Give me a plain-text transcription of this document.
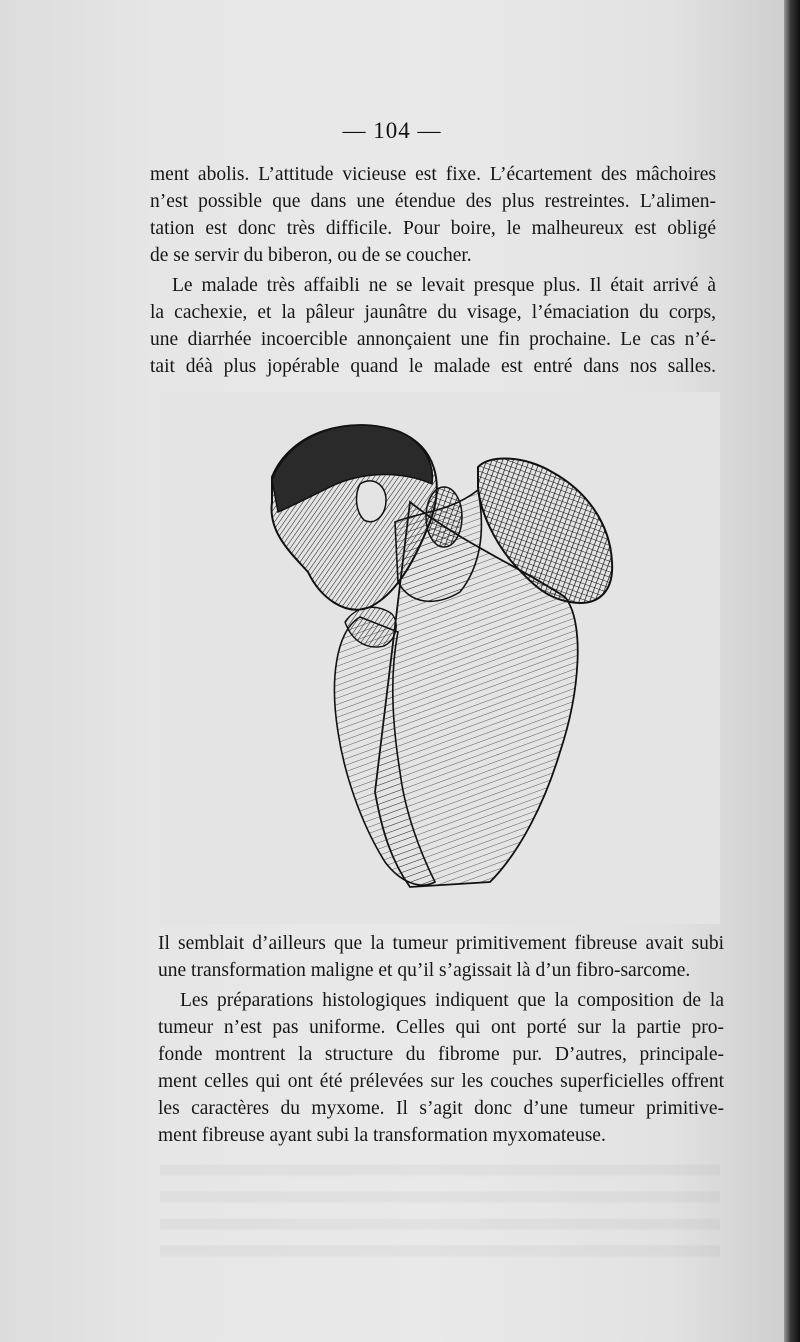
— 104 —

ment abolis. L’attitude vicieuse est fixe. L’écartement des mâchoires
n’est possible que dans une étendue des plus restreintes. L’alimen-
tation est donc très difficile. Pour boire, le malheureux est obligé
de se servir du biberon, ou de se coucher.

Le malade très affaibli ne se levait presque plus. Il était arrivé à
la cachexie, et la pâleur jaunâtre du visage, l’émaciation du corps,
une diarrhée incoercible annonçaient une fin prochaine. Le cas n’é-
tait déà plus jopérable quand le malade est entré dans nos salles.

Il semblait d’ailleurs que la tumeur primitivement fibreuse avait subi
une transformation maligne et qu’il s’agissait là d’un fibro-sarcome.

Les préparations histologiques indiquent que la composition de la
tumeur n’est pas uniforme. Celles qui ont porté sur la partie pro-
fonde montrent la structure du fibrome pur. D’autres, principale-
ment celles qui ont été prélevées sur les couches superficielles offrent
les caractères du myxome. Il s’agit donc d’une tumeur primitive-
ment fibreuse ayant subi la transformation myxomateuse.
